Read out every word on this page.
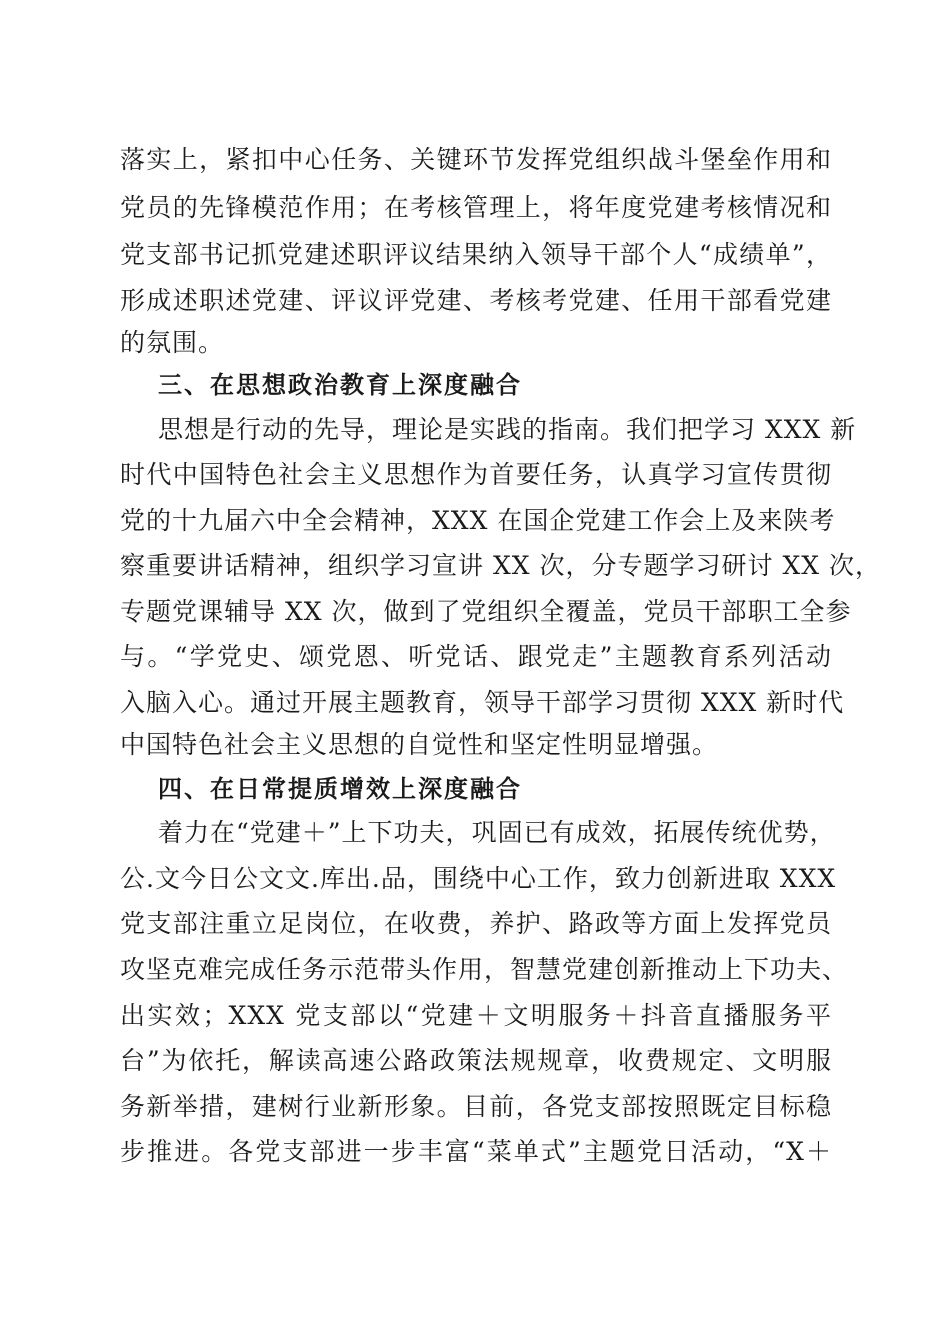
落实上，紧扣中心任务、关键环节发挥党组织战斗堡垒作用和
党员的先锋模范作用；在考核管理上，将年度党建考核情况和
党支部书记抓党建述职评议结果纳入领导干部个人“成绩单”，
形成述职述党建、评议评党建、考核考党建、任用干部看党建
的氛围。
三、在思想政治教育上深度融合
思想是行动的先导，理论是实践的指南。我们把学习 XXX 新
时代中国特色社会主义思想作为首要任务，认真学习宣传贯彻
党的十九届六中全会精神，XXX 在国企党建工作会上及来陕考
察重要讲话精神，组织学习宣讲 XX 次，分专题学习研讨 XX 次，
专题党课辅导 XX 次，做到了党组织全覆盖，党员干部职工全参
与。“学党史、颂党恩、听党话、跟党走”主题教育系列活动
入脑入心。通过开展主题教育，领导干部学习贯彻 XXX 新时代
中国特色社会主义思想的自觉性和坚定性明显增强。
四、在日常提质增效上深度融合
着力在“党建＋”上下功夫，巩固已有成效，拓展传统优势，
公.文今日公文文.库出.品，围绕中心工作，致力创新进取 XXX
党支部注重立足岗位，在收费，养护、路政等方面上发挥党员
攻坚克难完成任务示范带头作用，智慧党建创新推动上下功夫、
出实效；XXX 党支部以“党建＋文明服务＋抖音直播服务平
台”为依托，解读高速公路政策法规规章，收费规定、文明服
务新举措，建树行业新形象。目前，各党支部按照既定目标稳
步推进。各党支部进一步丰富“菜单式”主题党日活动，“X＋
